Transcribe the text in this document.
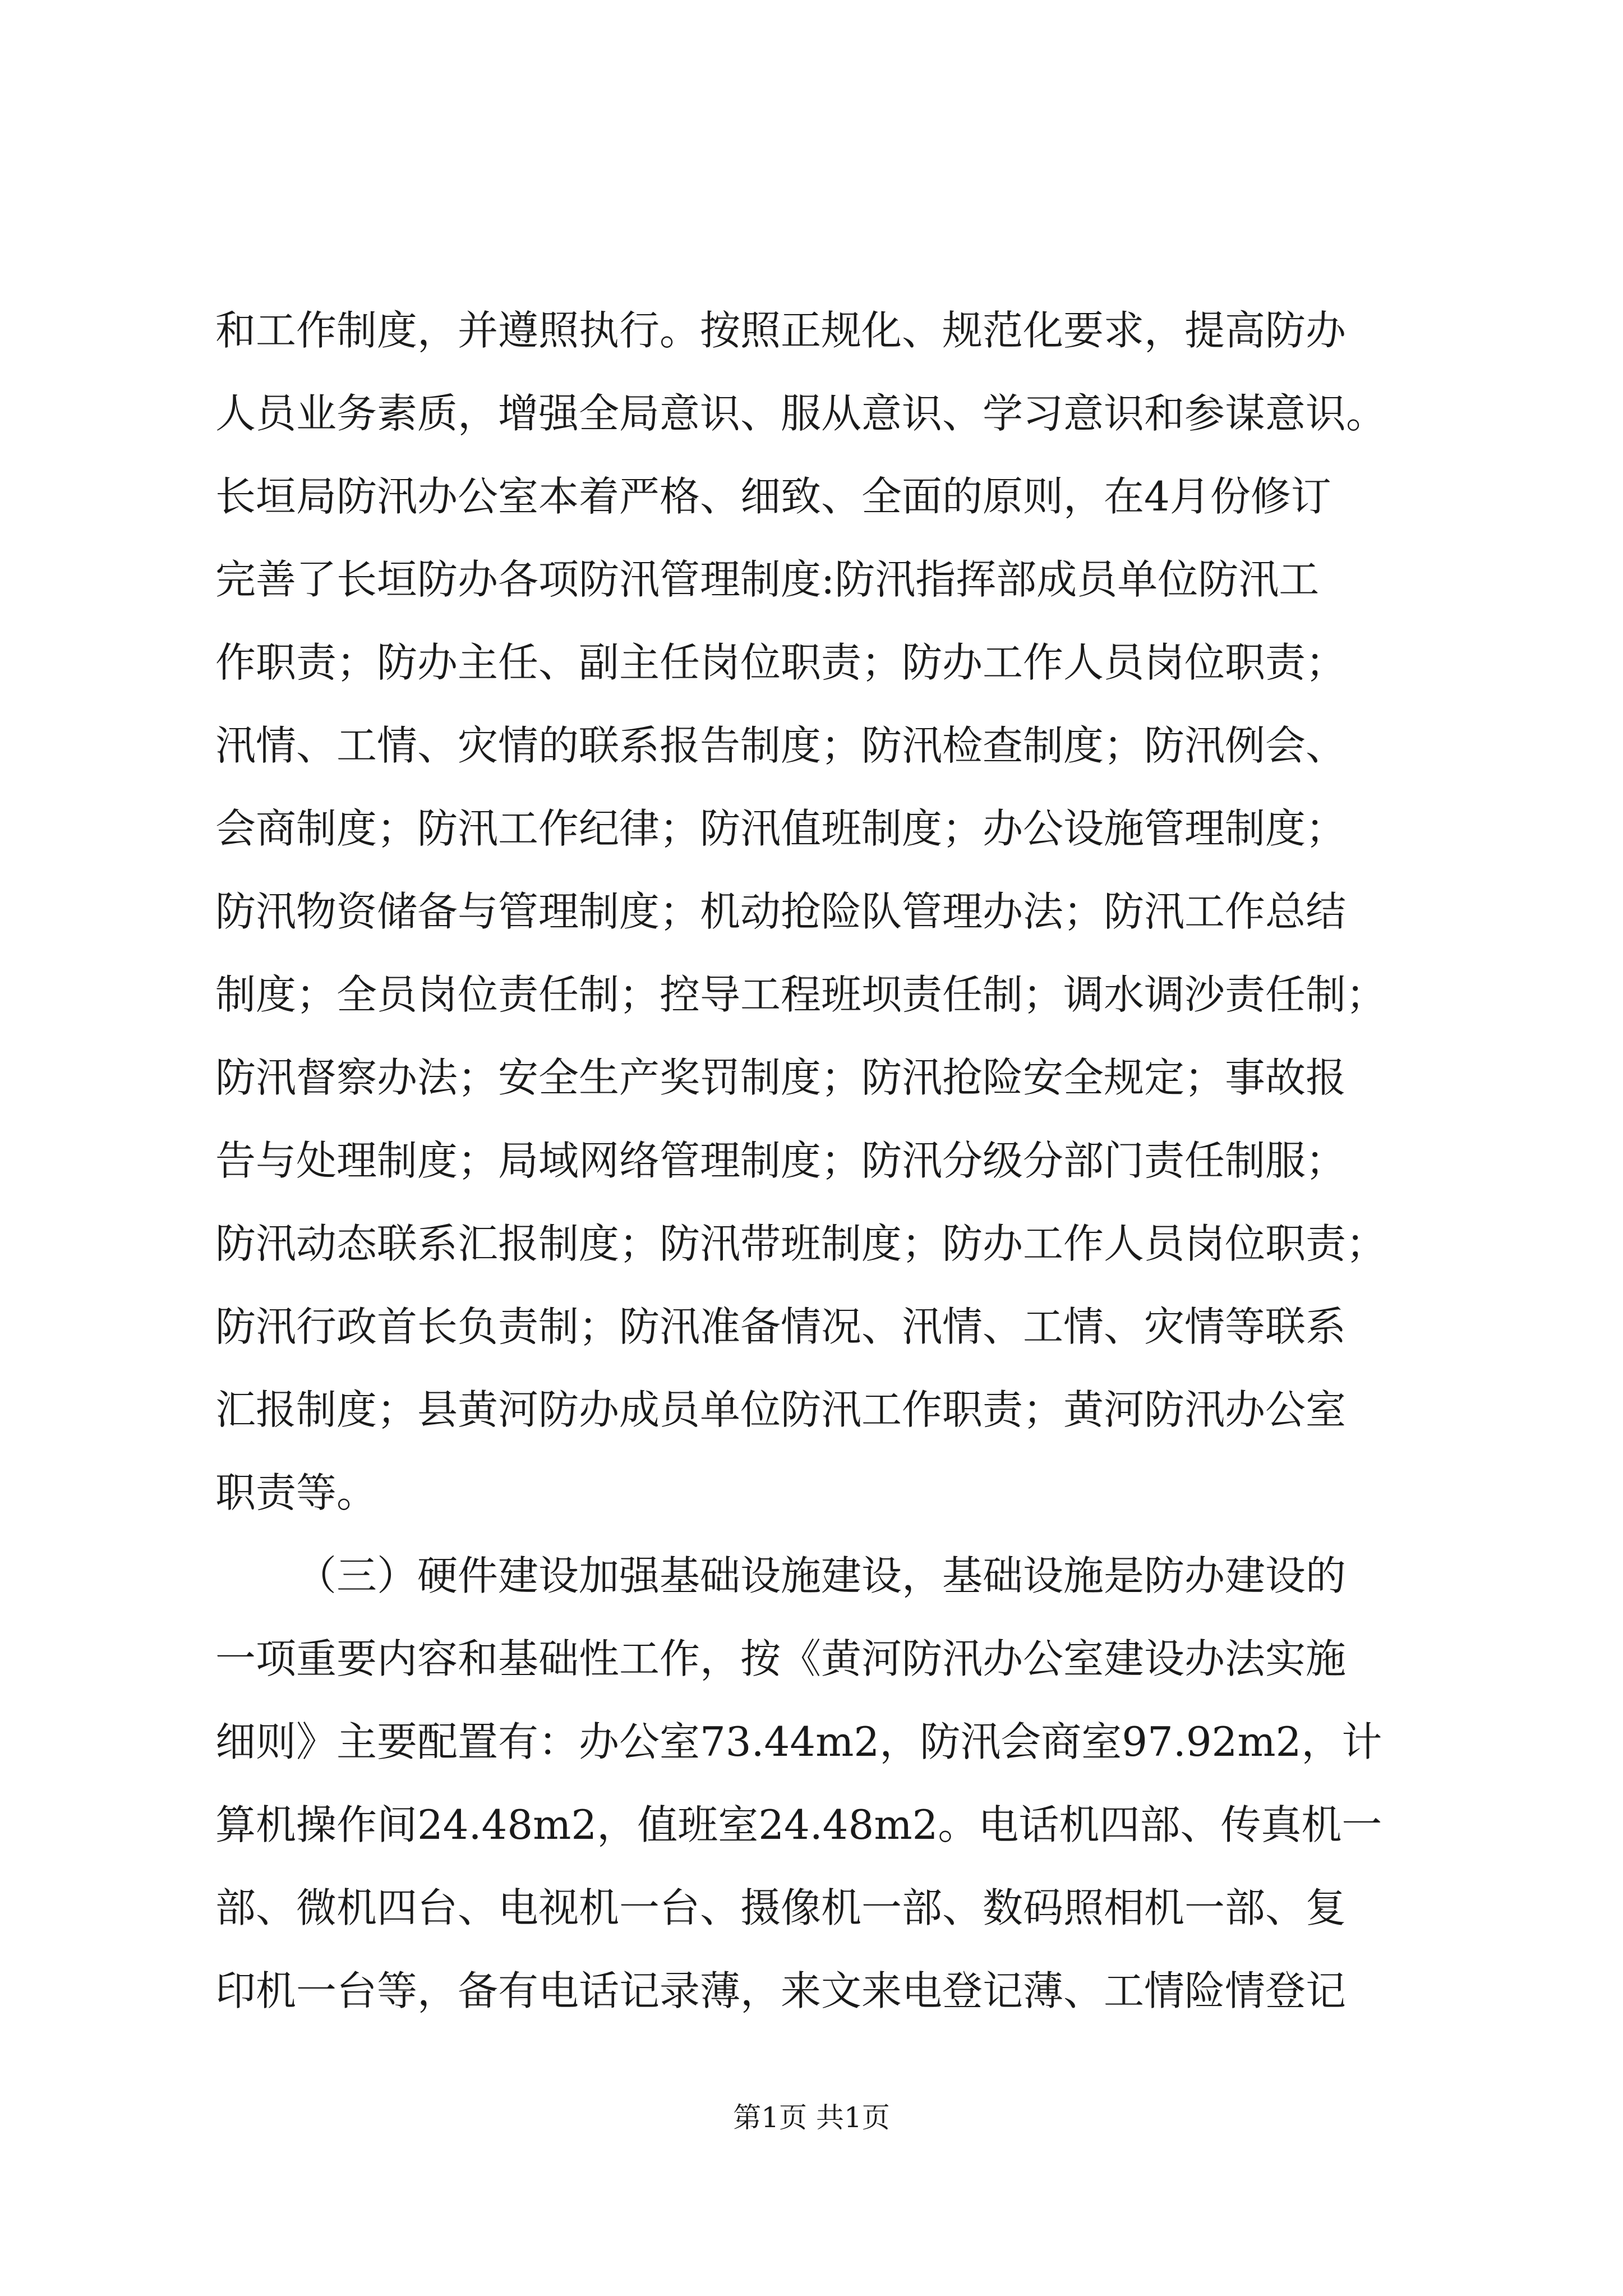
和工作制度，并遵照执行。按照正规化、规范化要求，提高防办
人员业务素质，增强全局意识、服从意识、学习意识和参谋意识。
长垣局防汛办公室本着严格、细致、全面的原则，在4月份修订
完善了长垣防办各项防汛管理制度:防汛指挥部成员单位防汛工
作职责；防办主任、副主任岗位职责；防办工作人员岗位职责；
汛情、工情、灾情的联系报告制度；防汛检查制度；防汛例会、
会商制度；防汛工作纪律；防汛值班制度；办公设施管理制度；
防汛物资储备与管理制度；机动抢险队管理办法；防汛工作总结
制度；全员岗位责任制；控导工程班坝责任制；调水调沙责任制；
防汛督察办法；安全生产奖罚制度；防汛抢险安全规定；事故报
告与处理制度；局域网络管理制度；防汛分级分部门责任制服；
防汛动态联系汇报制度；防汛带班制度；防办工作人员岗位职责；
防汛行政首长负责制；防汛准备情况、汛情、工情、灾情等联系
汇报制度；县黄河防办成员单位防汛工作职责；黄河防汛办公室
职责等。
（三）硬件建设加强基础设施建设，基础设施是防办建设的
一项重要内容和基础性工作，按《黄河防汛办公室建设办法实施
细则》主要配置有：办公室73.44m2，防汛会商室97.92m2，计
算机操作间24.48m2，值班室24.48m2。电话机四部、传真机一
部、微机四台、电视机一台、摄像机一部、数码照相机一部、复
印机一台等，备有电话记录薄，来文来电登记薄、工情险情登记
第1页 共1页
